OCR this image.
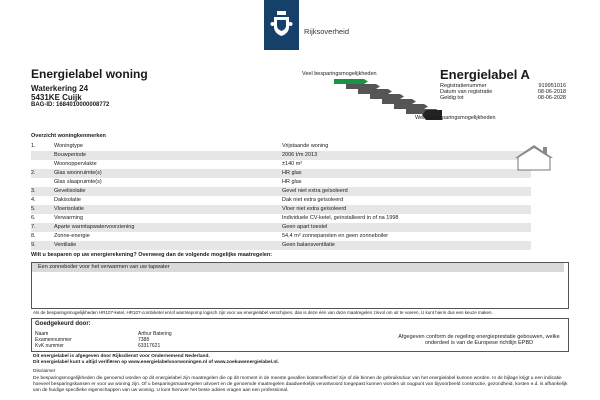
Rijksoverheid
Energielabel woning
Waterkering 24
5431KE Cuijk
BAG-ID: 1684010000008772
Veel besparingsmogelijkheden
Weinig besparingsmogelijkheden
Energielabel A
Registratienummer	919951016
Datum van registratie	08-06-2018
Geldig tot	08-06-2028
Overzicht woningkenmerken
1.	Woningtype	Vrijstaande woning
Bouwperiode	2006 t/m 2013
Woonoppervlakte	±140 m²
2.	Glas woonruimte(s)	HR glas
Glas slaapruimte(s)	HR glas
3.	Gevelisolatie	Gevel niet extra geïsoleerd
4.	Dakisolatie	Dak niet extra geïsoleerd
5.	Vloerisolatie	Vloer niet extra geïsoleerd
6.	Verwarming	Individuele CV-ketel, geïnstalleerd in of na 1998
7.	Aparte warmtapwatervoorziening	Geen apart toestel
8.	Zonne-energie	54,4 m² zonnepanelen en geen zonneboiler
9.	Ventilatie	Geen balansventilatie
Wilt u besparen op uw energierekening? Overweeg dan de volgende mogelijke maatregelen:
Een zonneboiler voor het verwarmen van uw tapwater
Als de besparingsmogelijkheden HR107-ketel, HR107-combiketel en/of warmtepomp logisch zijn voor uw energielabel verschijnen, dan is deze één van deze maatregelen zinvol om uit te voeren, U kunt hierin dus een keuze maken.
Goedgekeurd door:
Naam	Arthur Batering
Examennummer	7388
KvK nummer	63317621
Afgegeven conform de regeling energieprestatie gebouwen, welke onderdeel is van de Europese richtlijn EPBD
Dit energielabel is afgegeven door Rijksdienst voor Ondernemend Nederland.
Dit energielabel kunt u altijd verifiëren op www.energielabelvoorwoningen.nl of www.zoekuwenergielabel.nl.
Disclaimer
De besparingsmogelijkheden die genoemd worden op dit energielabel zijn maatregelen die op dit moment in de meeste gevallen kosteneffectief zijn of die binnen de gebruiksduur van het energielabel kunnen worden. In de bijlage krijgt u een indicatie hoeveel besparingskansen er voor uw woning zijn. Of u besparingsmaatregelen uitvoert en de genoemde maatregelen daadwerkelijk verantwoord toegepast kunnen worden uit oogpunt van bijvoorbeeld constructie, gezondheid, kosten e.d. is afhankelijk van de huidige specifieke eigenschappen van uw woning. U kunt hierover het beste advies vragen aan een professional.
